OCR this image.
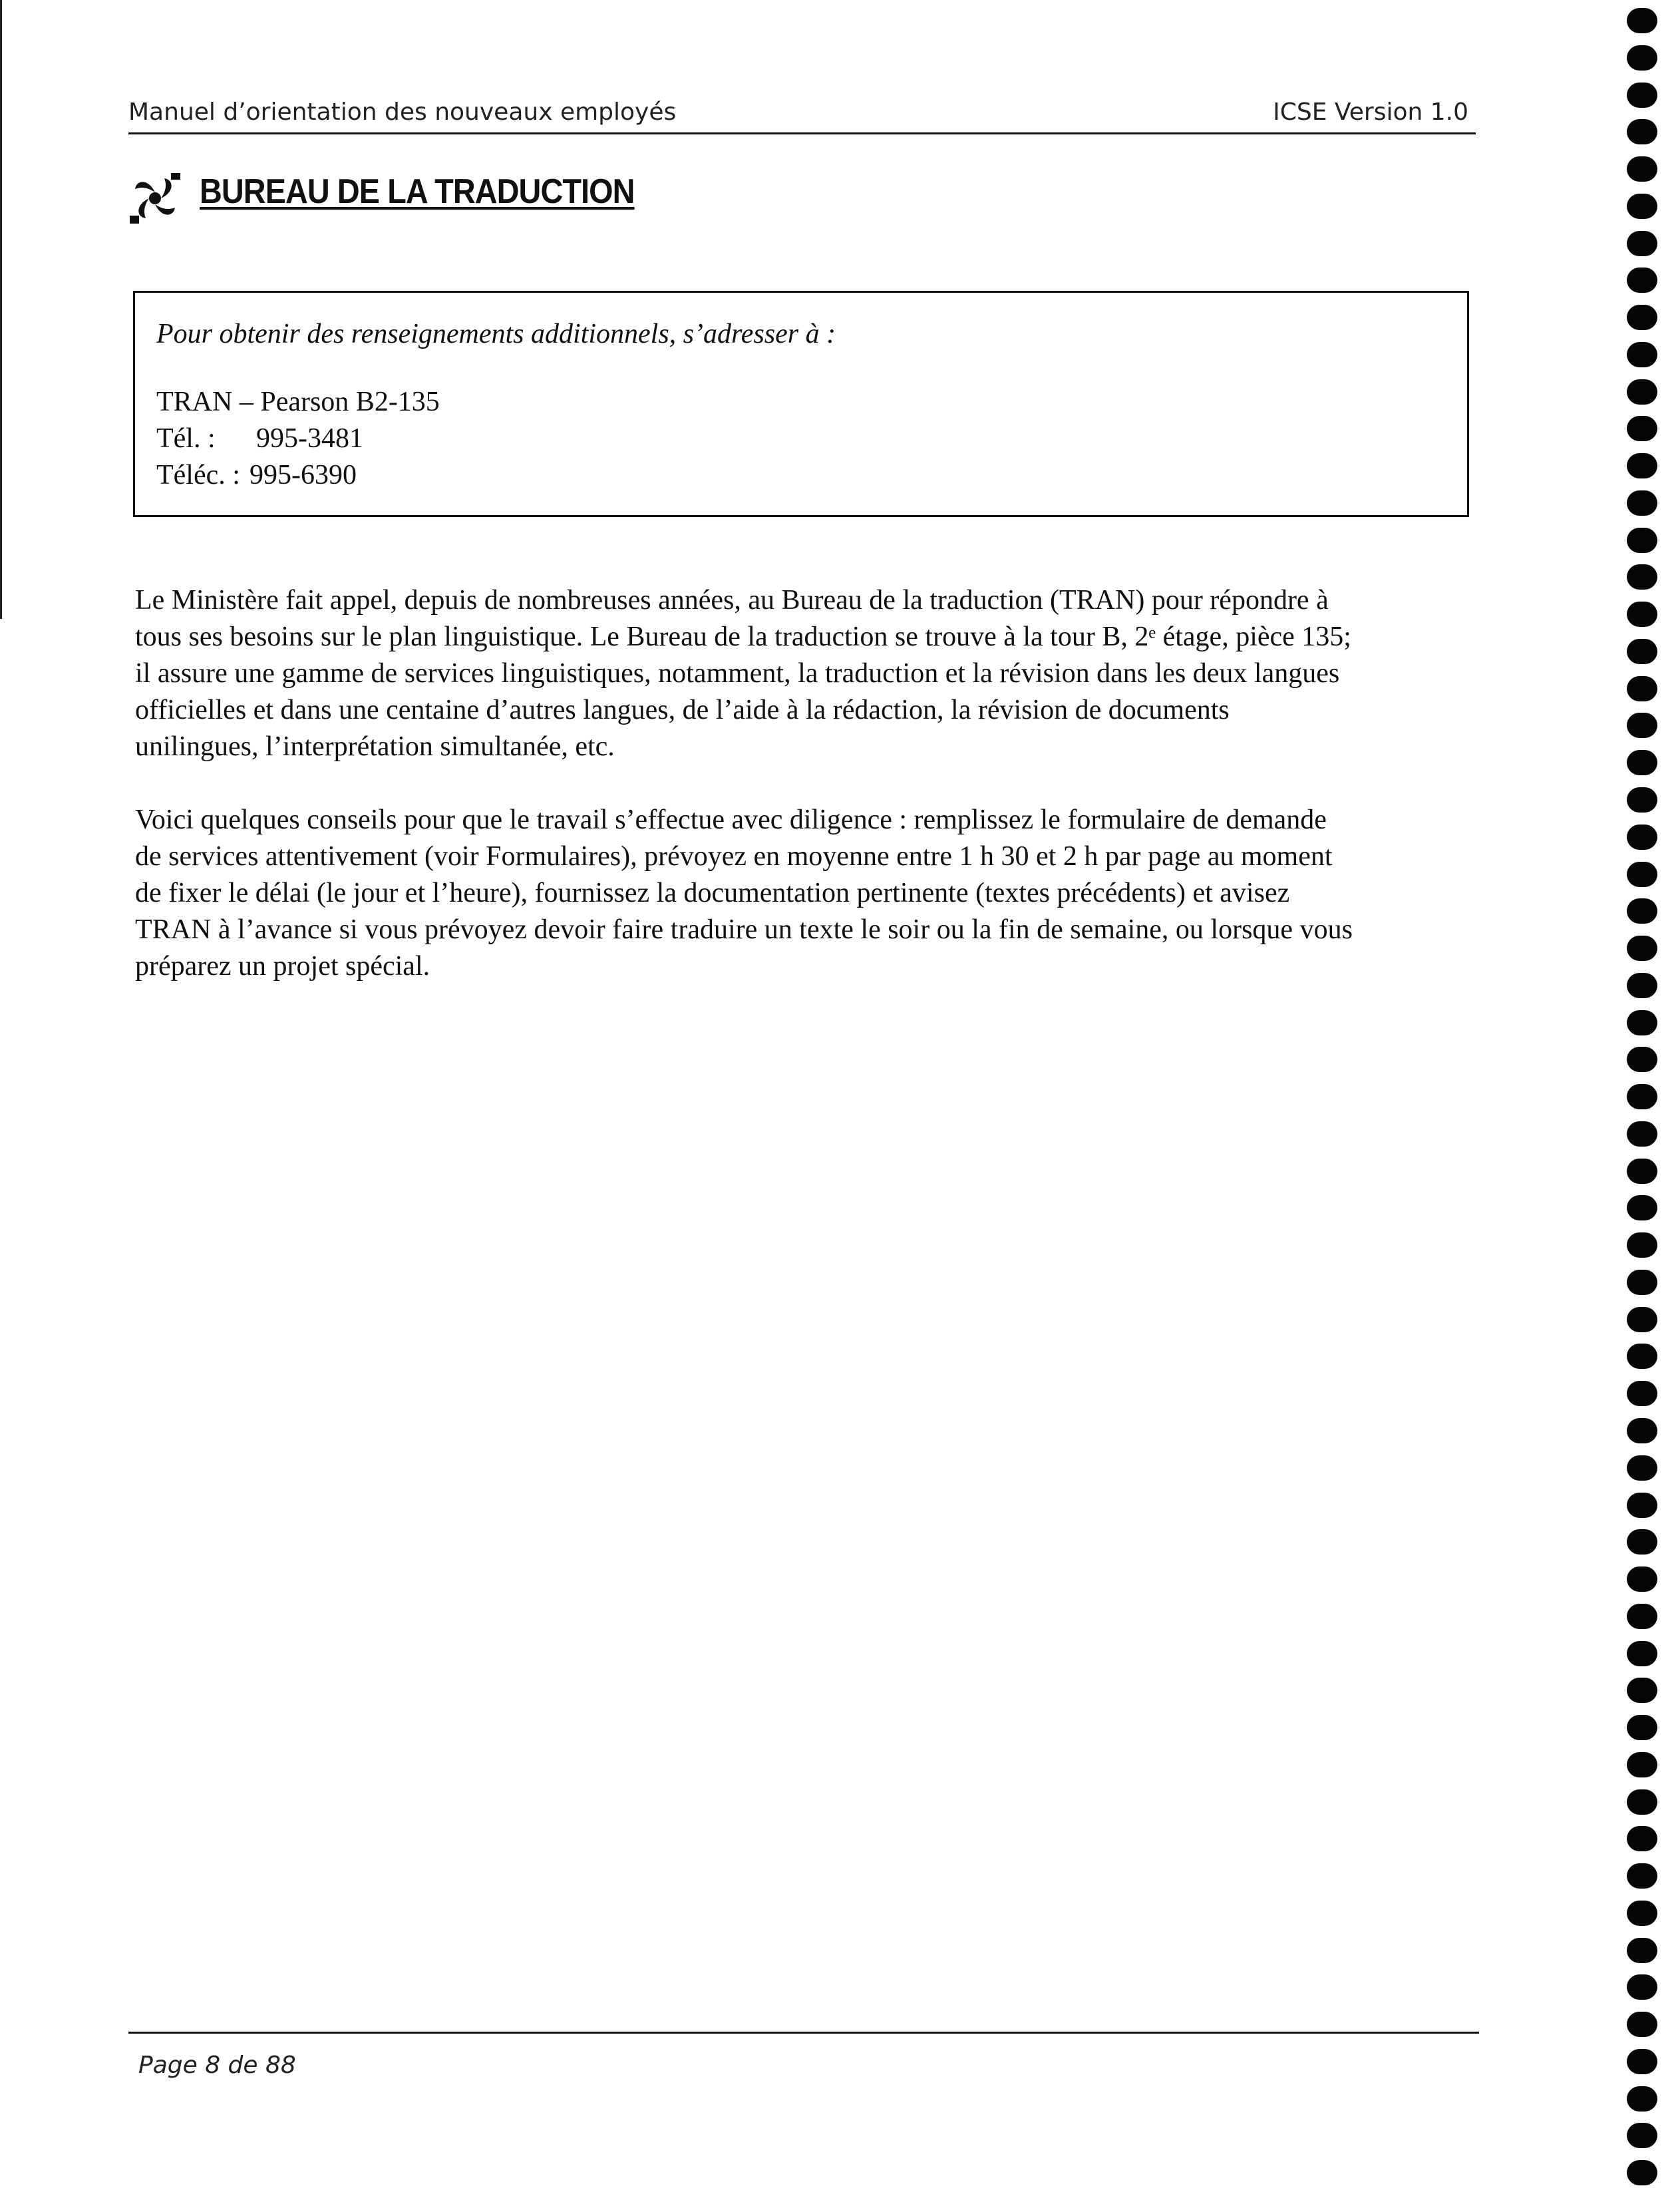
Manuel d’orientation des nouveaux employés	ICSE Version 1.0
BUREAU DE LA TRADUCTION
Pour obtenir des renseignements additionnels, s’adresser à :
TRAN – Pearson B2-135
Tél. : 995-3481
Téléc. : 995-6390
Le Ministère fait appel, depuis de nombreuses années, au Bureau de la traduction (TRAN) pour répondre à
tous ses besoins sur le plan linguistique. Le Bureau de la traduction se trouve à la tour B, 2ᵉ étage, pièce 135;
il assure une gamme de services linguistiques, notamment, la traduction et la révision dans les deux langues
officielles et dans une centaine d’autres langues, de l’aide à la rédaction, la révision de documents
unilingues, l’interprétation simultanée, etc.
Voici quelques conseils pour que le travail s’effectue avec diligence : remplissez le formulaire de demande
de services attentivement (voir Formulaires), prévoyez en moyenne entre 1 h 30 et 2 h par page au moment
de fixer le délai (le jour et l’heure), fournissez la documentation pertinente (textes précédents) et avisez
TRAN à l’avance si vous prévoyez devoir faire traduire un texte le soir ou la fin de semaine, ou lorsque vous
préparez un projet spécial.
Page 8 de 88
